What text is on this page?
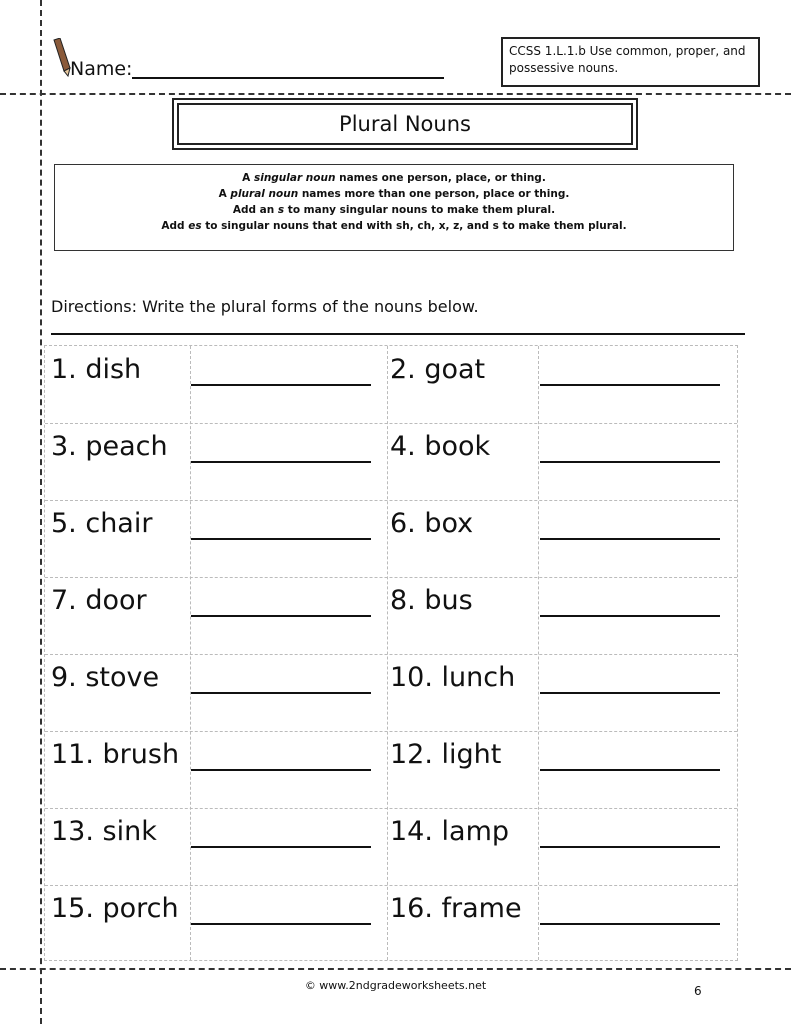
Name:
CCSS 1.L.1.b Use common, proper, and
possessive nouns.
Plural Nouns
A singular noun names one person, place, or thing.
A plural noun names more than one person, place or thing.
Add an s to many singular nouns to make them plural.
Add es to singular nouns that end with sh, ch, x, z, and s to make them plural.
Directions: Write the plural forms of the nouns below.
© www.2ndgradeworksheets.net	6
1. dish	2. goat
3. peach	4. book
5. chair	6. box
7. door	8. bus
9. stove	10. lunch
11. brush	12. light
13. sink	14. lamp
15. porch	16. frame
